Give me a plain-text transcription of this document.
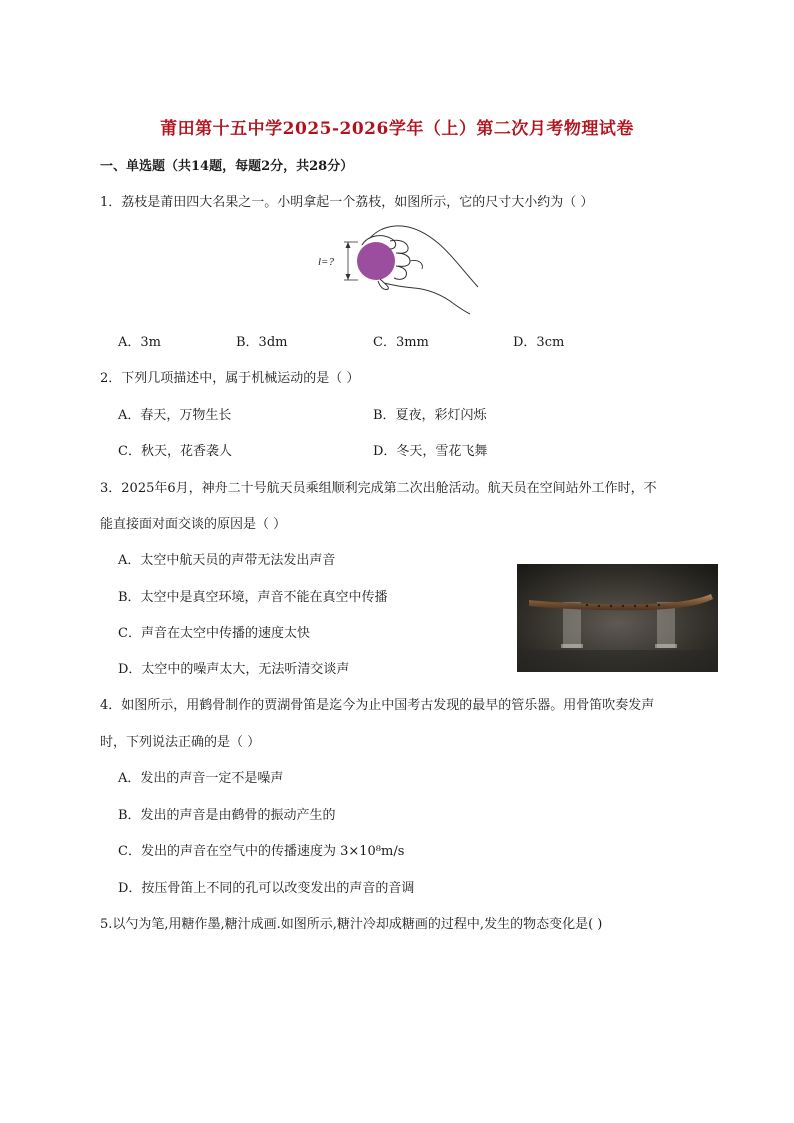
莆田第十五中学2025-2026学年（上）第二次月考物理试卷
一、单选题（共14题，每题2分，共28分）
1．荔枝是莆田四大名果之一。小明拿起一个荔枝，如图所示，它的尺寸大小约为（ ）
l=?
A．3m	B．3dm	C．3mm	D．3cm
2．下列几项描述中，属于机械运动的是（ ）
A．春天，万物生长	B．夏夜，彩灯闪烁
C．秋天，花香袭人	D．冬天，雪花飞舞
3．2025年6月，神舟二十号航天员乘组顺利完成第二次出舱活动。航天员在空间站外工作时，不
能直接面对面交谈的原因是（ ）
A．太空中航天员的声带无法发出声音
B．太空中是真空环境，声音不能在真空中传播
C．声音在太空中传播的速度太快
D．太空中的噪声太大，无法听清交谈声
4．如图所示，用鹤骨制作的贾湖骨笛是迄今为止中国考古发现的最早的管乐器。用骨笛吹奏发声
时，下列说法正确的是（ ）
A．发出的声音一定不是噪声
B．发出的声音是由鹤骨的振动产生的
C．发出的声音在空气中的传播速度为 3×10⁸m/s
D．按压骨笛上不同的孔可以改变发出的声音的音调
5.以勺为笔,用糖作墨,糖汁成画.如图所示,糖汁冷却成糖画的过程中,发生的物态变化是( )
